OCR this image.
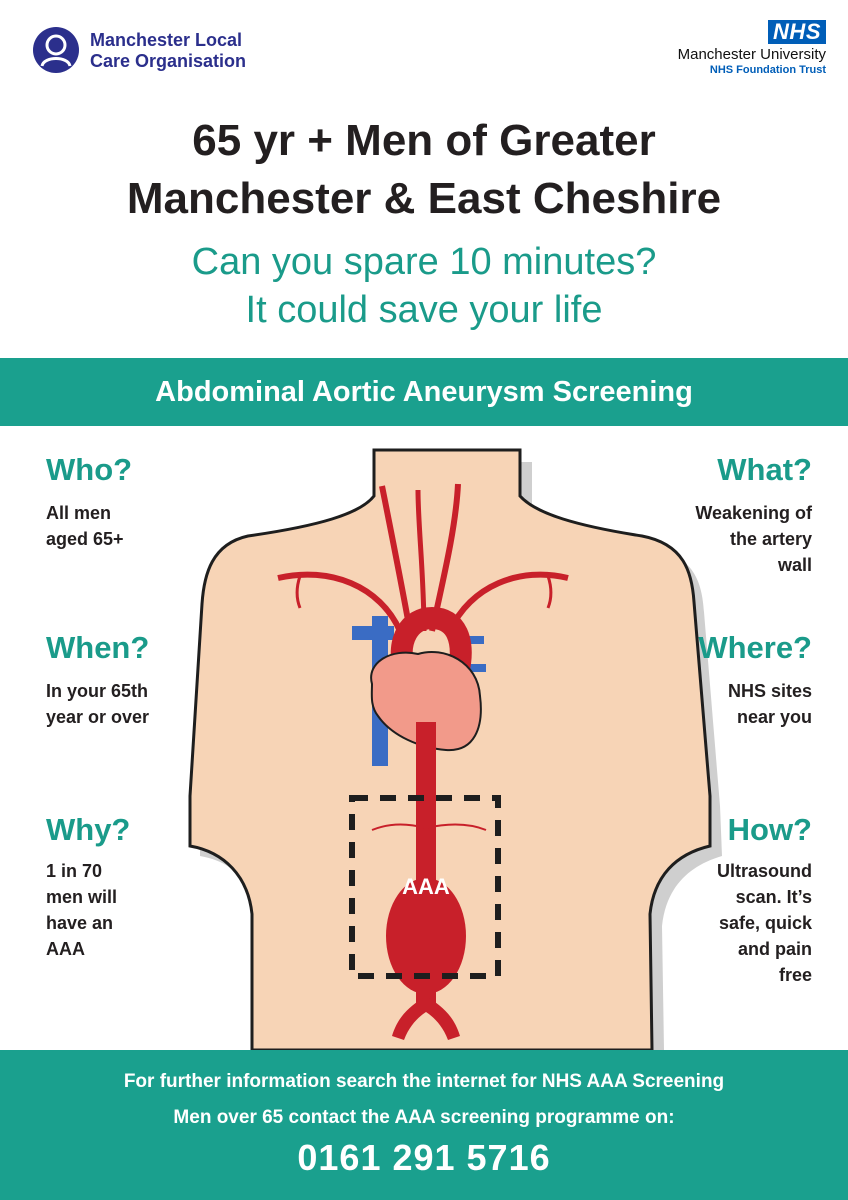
Manchester Local
Care Organisation
NHS
Manchester University
NHS Foundation Trust
65 yr + Men of Greater
Manchester & East Cheshire
Can you spare 10 minutes?
It could save your life
Abdominal Aortic Aneurysm Screening
AAA
Who?
All men
aged 65+
When?
In your 65th
year or over
Why?
1 in 70
men will
have an
AAA
What?
Weakening of
the artery
wall
Where?
NHS sites
near you
How?
Ultrasound
scan. It’s
safe, quick
and pain
free
For further information search the internet for NHS AAA Screening
Men over 65 contact the AAA screening programme on:
0161 291 5716
